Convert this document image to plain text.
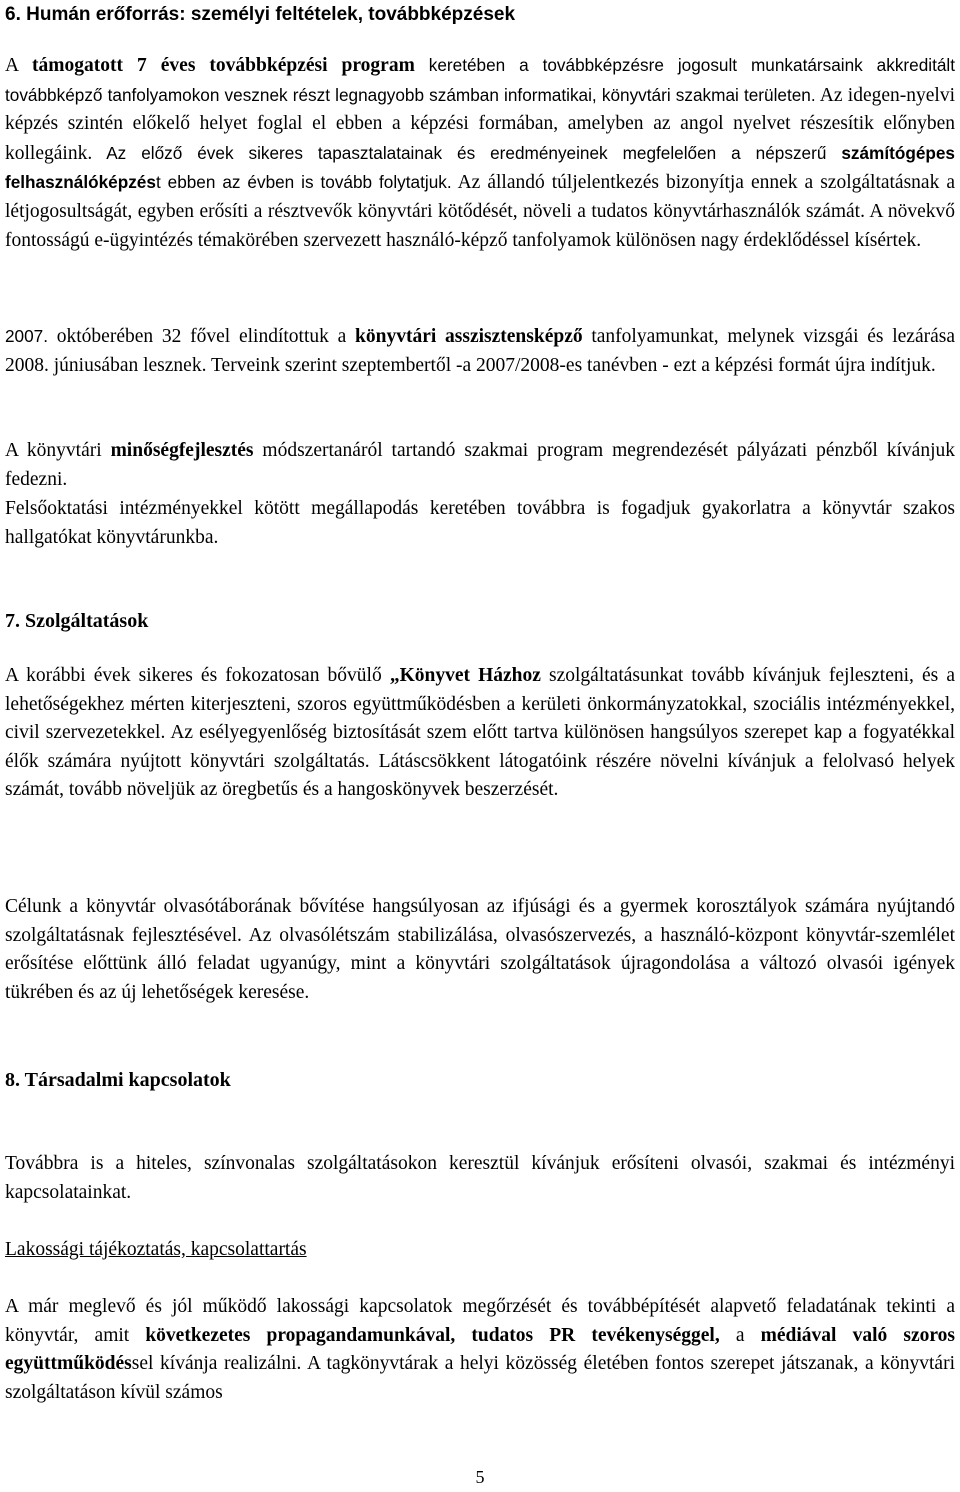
6. Humán erőforrás: személyi feltételek, továbbképzések

A támogatott 7 éves továbbképzési program keretében a továbbképzésre jogosult munkatársaink akkreditált továbbképző tanfolyamokon vesznek részt legnagyobb számban informatikai, könyvtári szakmai területen. Az idegen-nyelvi képzés szintén előkelő helyet foglal el ebben a képzési formában, amelyben az angol nyelvet részesítik előnyben kollegáink. Az előző évek sikeres tapasztalatainak és eredményeinek megfelelően a népszerű számítógépes felhasználóképzést ebben az évben is tovább folytatjuk. Az állandó túljelentkezés bizonyítja ennek a szolgáltatásnak a létjogosultságát, egyben erősíti a résztvevők könyvtári kötődését, növeli a tudatos könyvtárhasználók számát. A növekvő fontosságú e-ügyintézés témakörében szervezett használó-képző tanfolyamok különösen nagy érdeklődéssel kísértek.

2007. októberében 32 fővel elindítottuk a könyvtári asszisztensképző tanfolyamunkat, melynek vizsgái és lezárása 2008. júniusában lesznek. Terveink szerint szeptembertől -a 2007/2008-es tanévben - ezt a képzési formát újra indítjuk.

A könyvtári minőségfejlesztés módszertanáról tartandó szakmai program megrendezését pályázati pénzből kívánjuk fedezni.

Felsőoktatási intézményekkel kötött megállapodás keretében továbbra is fogadjuk gyakorlatra a könyvtár szakos hallgatókat könyvtárunkba.

7. Szolgáltatások

A korábbi évek sikeres és fokozatosan bővülő „Könyvet Házhoz szolgáltatásunkat tovább kívánjuk fejleszteni, és a lehetőségekhez mérten kiterjeszteni, szoros együttműködésben a kerületi önkormányzatokkal, szociális intézményekkel, civil szervezetekkel. Az esélyegyenlőség biztosítását szem előtt tartva különösen hangsúlyos szerepet kap a fogyatékkal élők számára nyújtott könyvtári szolgáltatás. Látáscsökkent látogatóink részére növelni kívánjuk a felolvasó helyek számát, tovább növeljük az öregbetűs és a hangoskönyvek beszerzését.

Célunk a könyvtár olvasótáborának bővítése hangsúlyosan az ifjúsági és a gyermek korosztályok számára nyújtandó szolgáltatásnak fejlesztésével. Az olvasólétszám stabilizálása, olvasószervezés, a használó-központ könyvtár-szemlélet erősítése előttünk álló feladat ugyanúgy, mint a könyvtári szolgáltatások újragondolása a változó olvasói igények tükrében és az új lehetőségek keresése.

8. Társadalmi kapcsolatok

Továbbra is a hiteles, színvonalas szolgáltatásokon keresztül kívánjuk erősíteni olvasói, szakmai és intézményi kapcsolatainkat.

Lakossági tájékoztatás, kapcsolattartás

A már meglevő és jól működő lakossági kapcsolatok megőrzését és továbbépítését alapvető feladatának tekinti a könyvtár, amit következetes propagandamunkával, tudatos PR tevékenységgel, a médiával való szoros együttműködéssel kívánja realizálni. A tagkönyvtárak a helyi közösség életében fontos szerepet játszanak, a könyvtári szolgáltatáson kívül számos

5
